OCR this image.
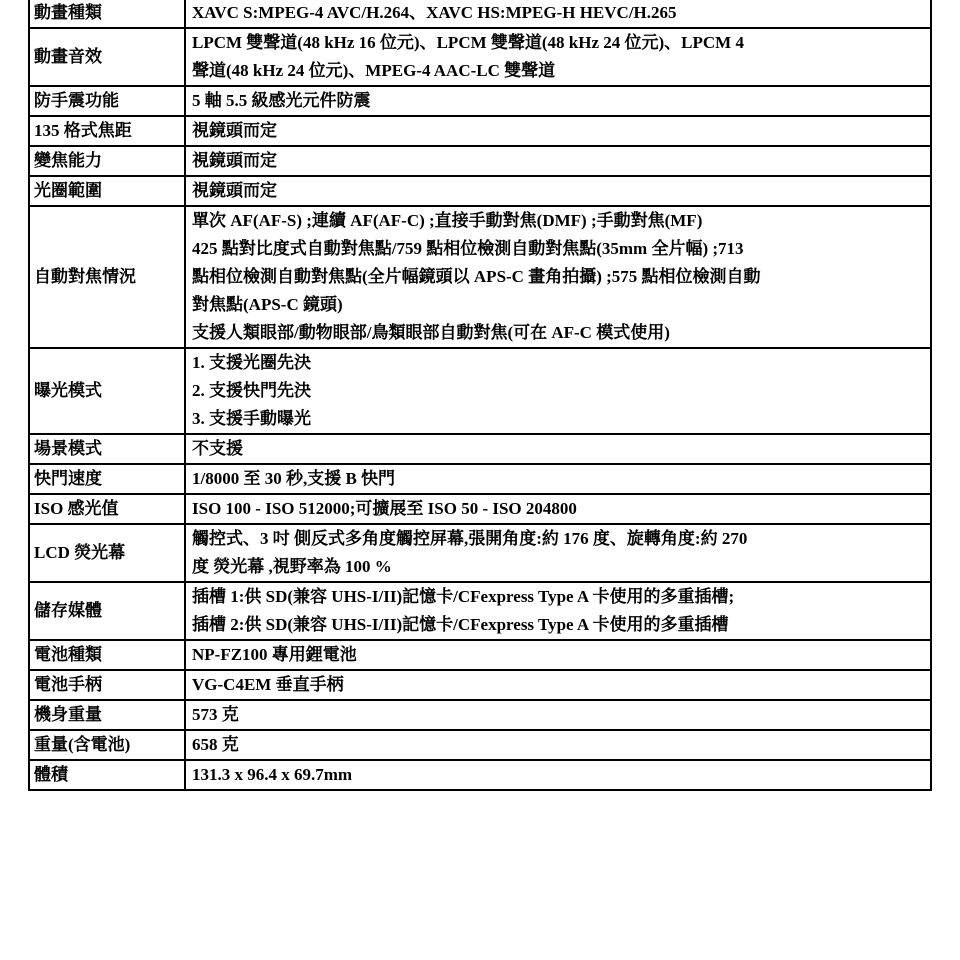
動畫種類	XAVC S:MPEG-4 AVC/H.264、XAVC HS:MPEG-H HEVC/H.265

動畫音效	LPCM 雙聲道(48 kHz 16 位元)、LPCM 雙聲道(48 kHz 24 位元)、LPCM 4
聲道(48 kHz 24 位元)、MPEG-4 AAC-LC 雙聲道

防手震功能	5 軸 5.5 級感光元件防震

135 格式焦距	視鏡頭而定

變焦能力	視鏡頭而定

光圈範圍	視鏡頭而定

自動對焦情況	單次 AF(AF-S) ;連續 AF(AF-C) ;直接手動對焦(DMF) ;手動對焦(MF)
425 點對比度式自動對焦點/759 點相位檢測自動對焦點(35mm 全片幅) ;713
點相位檢測自動對焦點(全片幅鏡頭以 APS-C 畫角拍攝) ;575 點相位檢測自動
對焦點(APS-C 鏡頭)
支援人類眼部/動物眼部/鳥類眼部自動對焦(可在 AF-C 模式使用)

曝光模式	1. 支援光圈先決
2. 支援快門先決
3. 支援手動曝光

場景模式	不支援

快門速度	1/8000 至 30 秒,支援 B 快門

ISO 感光值	ISO 100 - ISO 512000;可擴展至 ISO 50 - ISO 204800

LCD 熒光幕	觸控式、3 吋 側反式多角度觸控屏幕,張開角度:約 176 度、旋轉角度:約 270
度 熒光幕 ,視野率為 100 %

儲存媒體	插槽 1:供 SD(兼容 UHS-I/II)記憶卡/CFexpress Type A 卡使用的多重插槽;
插槽 2:供 SD(兼容 UHS-I/II)記憶卡/CFexpress Type A 卡使用的多重插槽

電池種類	NP-FZ100 專用鋰電池

電池手柄	VG-C4EM 垂直手柄

機身重量	573 克

重量(含電池)	658 克

體積	131.3 x 96.4 x 69.7mm
